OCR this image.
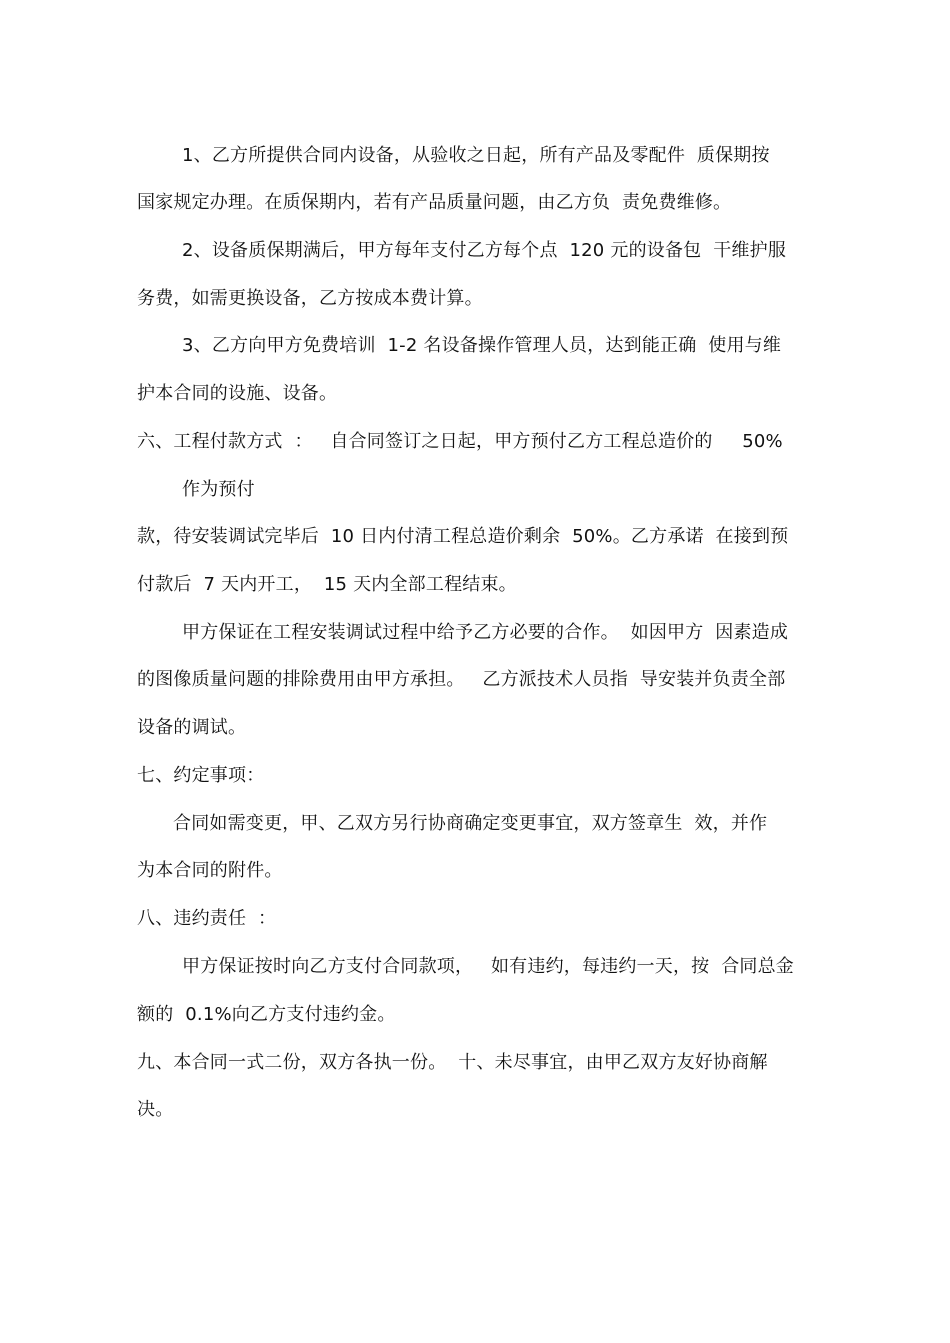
1、乙方所提供合同内设备，从验收之日起，所有产品及零配件  质保期按
国家规定办理。在质保期内，若有产品质量问题，由乙方负  责免费维修。
2、设备质保期满后，甲方每年支付乙方每个点  120 元的设备包  干维护服
务费，如需更换设备，乙方按成本费计算。
3、乙方向甲方免费培训  1-2 名设备操作管理人员，达到能正确  使用与维
护本合同的设施、设备。
六、工程付款方式  ：   自合同签订之日起，甲方预付乙方工程总造价的     50%
作为预付
款，待安装调试完毕后  10 日内付清工程总造价剩余  50%。乙方承诺  在接到预
付款后  7 天内开工，  15 天内全部工程结束。
甲方保证在工程安装调试过程中给予乙方必要的合作。  如因甲方  因素造成
的图像质量问题的排除费用由甲方承担。   乙方派技术人员指  导安装并负责全部
设备的调试。
七、约定事项：
合同如需变更，甲、乙双方另行协商确定变更事宜，双方签章生  效，并作
为本合同的附件。
八、违约责任  ：
甲方保证按时向乙方支付合同款项，   如有违约，每违约一天，按  合同总金
额的  0.1%向乙方支付违约金。
九、本合同一式二份，双方各执一份。  十、未尽事宜，由甲乙双方友好协商解
决。
